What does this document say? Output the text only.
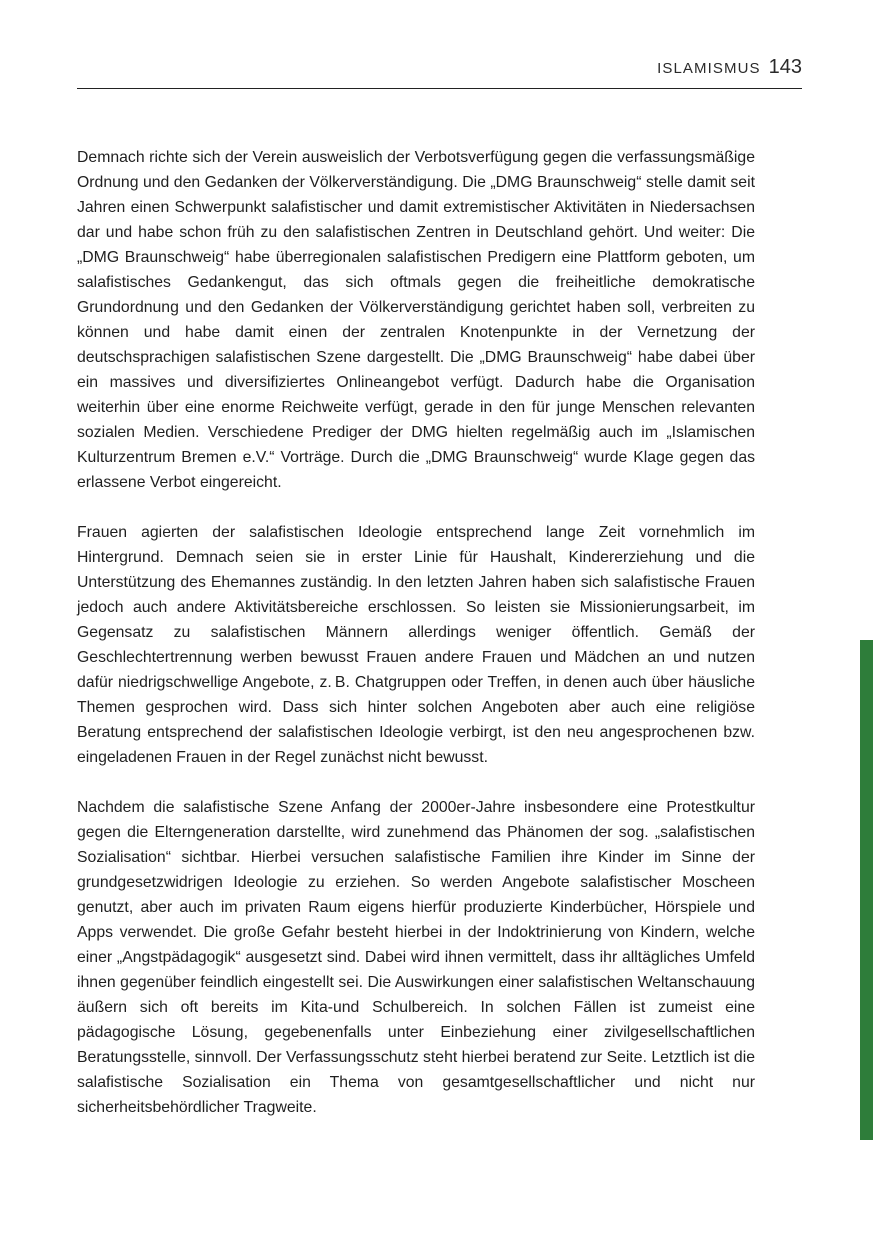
ISLAMISMUS 143

Demnach richte sich der Verein ausweislich der Verbotsverfügung gegen die verfassungsmäßige Ordnung und den Gedanken der Völkerverständigung. Die „DMG Braunschweig“ stelle damit seit Jahren einen Schwerpunkt salafistischer und damit extremistischer Aktivitäten in Niedersachsen dar und habe schon früh zu den salafistischen Zentren in Deutschland gehört. Und weiter: Die „DMG Braunschweig“ habe überregionalen salafistischen Predigern eine Plattform geboten, um salafistisches Gedankengut, das sich oftmals gegen die freiheitliche demokratische Grundordnung und den Gedanken der Völkerverständigung gerichtet haben soll, verbreiten zu können und habe damit einen der zentralen Knotenpunkte in der Vernetzung der deutschsprachigen salafistischen Szene dargestellt. Die „DMG Braunschweig“ habe dabei über ein massives und diversifiziertes Onlineangebot verfügt. Dadurch habe die Organisation weiterhin über eine enorme Reichweite verfügt, gerade in den für junge Menschen relevanten sozialen Medien. Verschiedene Prediger der DMG hielten regelmäßig auch im „Islamischen Kulturzentrum Bremen e.V.“ Vorträge. Durch die „DMG Braunschweig“ wurde Klage gegen das erlassene Verbot eingereicht.

Frauen agierten der salafistischen Ideologie entsprechend lange Zeit vornehmlich im Hintergrund. Demnach seien sie in erster Linie für Haushalt, Kindererziehung und die Unterstützung des Ehemannes zuständig. In den letzten Jahren haben sich salafistische Frauen jedoch auch andere Aktivitätsbereiche erschlossen. So leisten sie Missionierungsarbeit, im Gegensatz zu salafistischen Männern allerdings weniger öffentlich. Gemäß der Geschlechtertrennung werben bewusst Frauen andere Frauen und Mädchen an und nutzen dafür niedrigschwellige Angebote, z. B. Chatgruppen oder Treffen, in denen auch über häusliche Themen gesprochen wird. Dass sich hinter solchen Angeboten aber auch eine religiöse Beratung entsprechend der salafistischen Ideologie verbirgt, ist den neu angesprochenen bzw. eingeladenen Frauen in der Regel zunächst nicht bewusst.

Nachdem die salafistische Szene Anfang der 2000er-Jahre insbesondere eine Protestkultur gegen die Elterngeneration darstellte, wird zunehmend das Phänomen der sog. „salafistischen Sozialisation“ sichtbar. Hierbei versuchen salafistische Familien ihre Kinder im Sinne der grundgesetzwidrigen Ideologie zu erziehen. So werden Angebote salafistischer Moscheen genutzt, aber auch im privaten Raum eigens hierfür produzierte Kinderbücher, Hörspiele und Apps verwendet. Die große Gefahr besteht hierbei in der Indoktrinierung von Kindern, welche einer „Angstpädagogik“ ausgesetzt sind. Dabei wird ihnen vermittelt, dass ihr alltägliches Umfeld ihnen gegenüber feindlich eingestellt sei. Die Auswirkungen einer salafistischen Weltanschauung äußern sich oft bereits im Kita-und Schulbereich. In solchen Fällen ist zumeist eine pädagogische Lösung, gegebenenfalls unter Einbeziehung einer zivilgesellschaftlichen Beratungsstelle, sinnvoll. Der Verfassungsschutz steht hierbei beratend zur Seite. Letztlich ist die salafistische Sozialisation ein Thema von gesamtgesellschaftlicher und nicht nur sicherheitsbehördlicher Tragweite.
